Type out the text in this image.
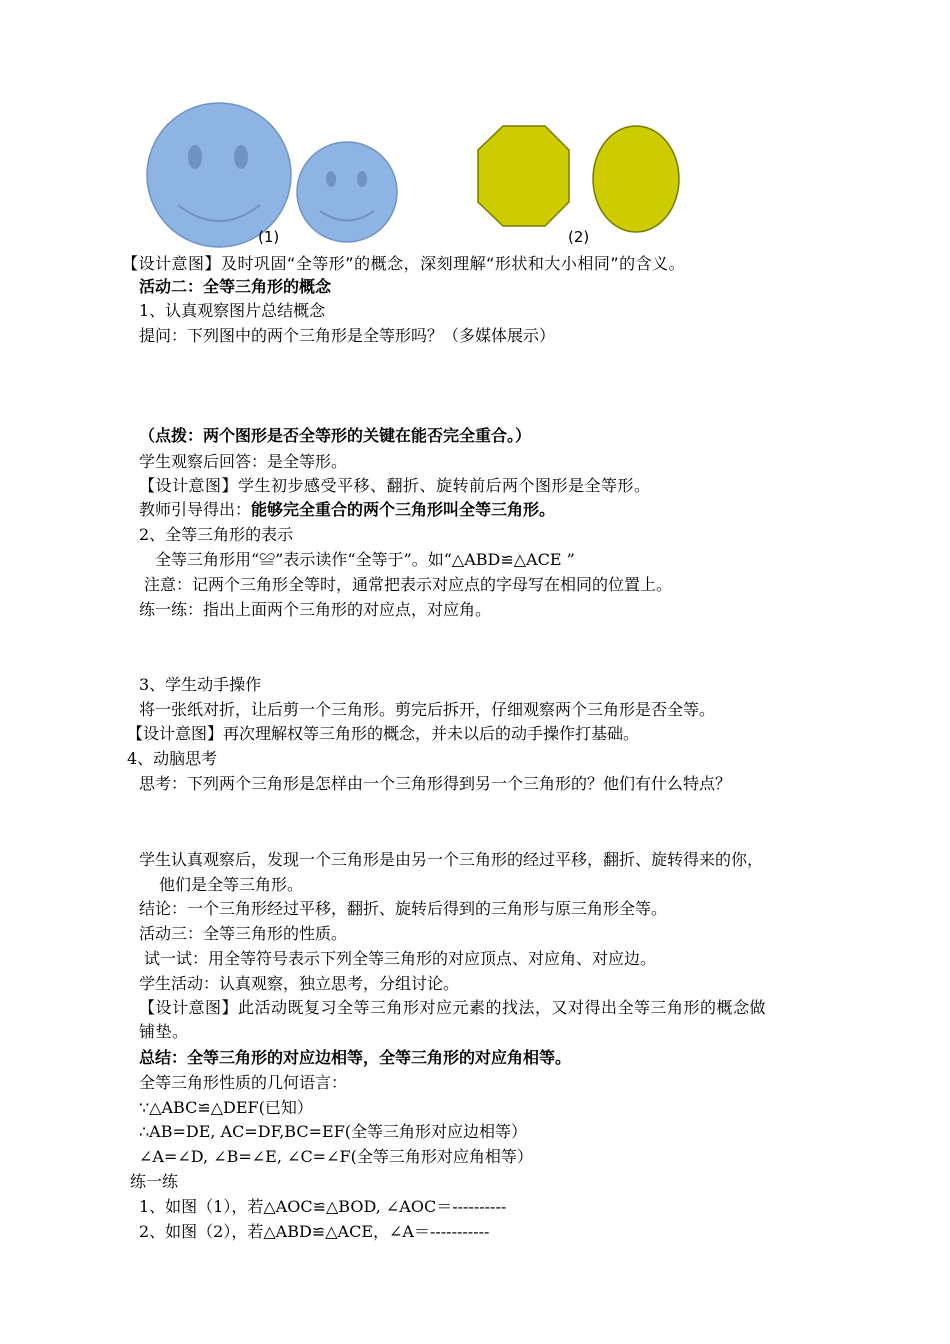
(1)	(2)
【设计意图】及时巩固“全等形”的概念，深刻理解“形状和大小相同”的含义。
活动二：全等三角形的概念
1、认真观察图片总结概念
提问：下列图中的两个三角形是全等形吗？（多媒体展示）
（点拨：两个图形是否全等形的关键在能否完全重合。）
学生观察后回答：是全等形。
【设计意图】学生初步感受平移、翻折、旋转前后两个图形是全等形。
教师引导得出：能够完全重合的两个三角形叫全等三角形。
2、全等三角形的表示
全等三角形用“≌”表示读作“全等于”。如“△ABD≌△ACE ”
注意：记两个三角形全等时，通常把表示对应点的字母写在相同的位置上。
练一练：指出上面两个三角形的对应点，对应角。
3、学生动手操作
将一张纸对折，让后剪一个三角形。剪完后拆开，仔细观察两个三角形是否全等。
【设计意图】再次理解权等三角形的概念，并未以后的动手操作打基础。
4、动脑思考
思考：下列两个三角形是怎样由一个三角形得到另一个三角形的？他们有什么特点？
学生认真观察后，发现一个三角形是由另一个三角形的经过平移，翻折、旋转得来的你，
他们是全等三角形。
结论：一个三角形经过平移，翻折、旋转后得到的三角形与原三角形全等。
活动三：全等三角形的性质。
试一试：用全等符号表示下列全等三角形的对应顶点、对应角、对应边。
学生活动：认真观察，独立思考，分组讨论。
【设计意图】此活动既复习全等三角形对应元素的找法，又对得出全等三角形的概念做
铺垫。
总结：全等三角形的对应边相等，全等三角形的对应角相等。
全等三角形性质的几何语言：
∵△ABC≌△DEF(已知）
∴AB=DE, AC=DF,BC=EF(全等三角形对应边相等）
∠A=∠D, ∠B=∠E, ∠C=∠F(全等三角形对应角相等）
练一练
1、如图（1），若△AOC≌△BOD, ∠AOC＝----------
2、如图（2），若△ABD≌△ACE，∠A＝-----------
